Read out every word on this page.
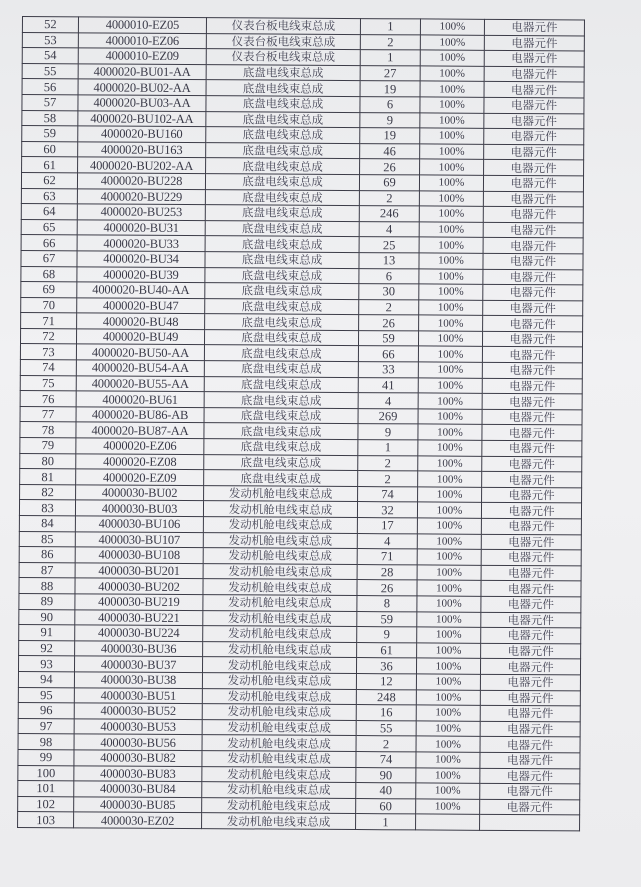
52	4000010-EZ05	仪表台板电线束总成	1	100%	电器元件
53	4000010-EZ06	仪表台板电线束总成	2	100%	电器元件
54	4000010-EZ09	仪表台板电线束总成	1	100%	电器元件
55	4000020-BU01-AA	底盘电线束总成	27	100%	电器元件
56	4000020-BU02-AA	底盘电线束总成	19	100%	电器元件
57	4000020-BU03-AA	底盘电线束总成	6	100%	电器元件
58	4000020-BU102-AA	底盘电线束总成	9	100%	电器元件
59	4000020-BU160	底盘电线束总成	19	100%	电器元件
60	4000020-BU163	底盘电线束总成	46	100%	电器元件
61	4000020-BU202-AA	底盘电线束总成	26	100%	电器元件
62	4000020-BU228	底盘电线束总成	69	100%	电器元件
63	4000020-BU229	底盘电线束总成	2	100%	电器元件
64	4000020-BU253	底盘电线束总成	246	100%	电器元件
65	4000020-BU31	底盘电线束总成	4	100%	电器元件
66	4000020-BU33	底盘电线束总成	25	100%	电器元件
67	4000020-BU34	底盘电线束总成	13	100%	电器元件
68	4000020-BU39	底盘电线束总成	6	100%	电器元件
69	4000020-BU40-AA	底盘电线束总成	30	100%	电器元件
70	4000020-BU47	底盘电线束总成	2	100%	电器元件
71	4000020-BU48	底盘电线束总成	26	100%	电器元件
72	4000020-BU49	底盘电线束总成	59	100%	电器元件
73	4000020-BU50-AA	底盘电线束总成	66	100%	电器元件
74	4000020-BU54-AA	底盘电线束总成	33	100%	电器元件
75	4000020-BU55-AA	底盘电线束总成	41	100%	电器元件
76	4000020-BU61	底盘电线束总成	4	100%	电器元件
77	4000020-BU86-AB	底盘电线束总成	269	100%	电器元件
78	4000020-BU87-AA	底盘电线束总成	9	100%	电器元件
79	4000020-EZ06	底盘电线束总成	1	100%	电器元件
80	4000020-EZ08	底盘电线束总成	2	100%	电器元件
81	4000020-EZ09	底盘电线束总成	2	100%	电器元件
82	4000030-BU02	发动机舱电线束总成	74	100%	电器元件
83	4000030-BU03	发动机舱电线束总成	32	100%	电器元件
84	4000030-BU106	发动机舱电线束总成	17	100%	电器元件
85	4000030-BU107	发动机舱电线束总成	4	100%	电器元件
86	4000030-BU108	发动机舱电线束总成	71	100%	电器元件
87	4000030-BU201	发动机舱电线束总成	28	100%	电器元件
88	4000030-BU202	发动机舱电线束总成	26	100%	电器元件
89	4000030-BU219	发动机舱电线束总成	8	100%	电器元件
90	4000030-BU221	发动机舱电线束总成	59	100%	电器元件
91	4000030-BU224	发动机舱电线束总成	9	100%	电器元件
92	4000030-BU36	发动机舱电线束总成	61	100%	电器元件
93	4000030-BU37	发动机舱电线束总成	36	100%	电器元件
94	4000030-BU38	发动机舱电线束总成	12	100%	电器元件
95	4000030-BU51	发动机舱电线束总成	248	100%	电器元件
96	4000030-BU52	发动机舱电线束总成	16	100%	电器元件
97	4000030-BU53	发动机舱电线束总成	55	100%	电器元件
98	4000030-BU56	发动机舱电线束总成	2	100%	电器元件
99	4000030-BU82	发动机舱电线束总成	74	100%	电器元件
100	4000030-BU83	发动机舱电线束总成	90	100%	电器元件
101	4000030-BU84	发动机舱电线束总成	40	100%	电器元件
102	4000030-BU85	发动机舱电线束总成	60	100%	电器元件
103	4000030-EZ02	发动机舱电线束总成	1		
